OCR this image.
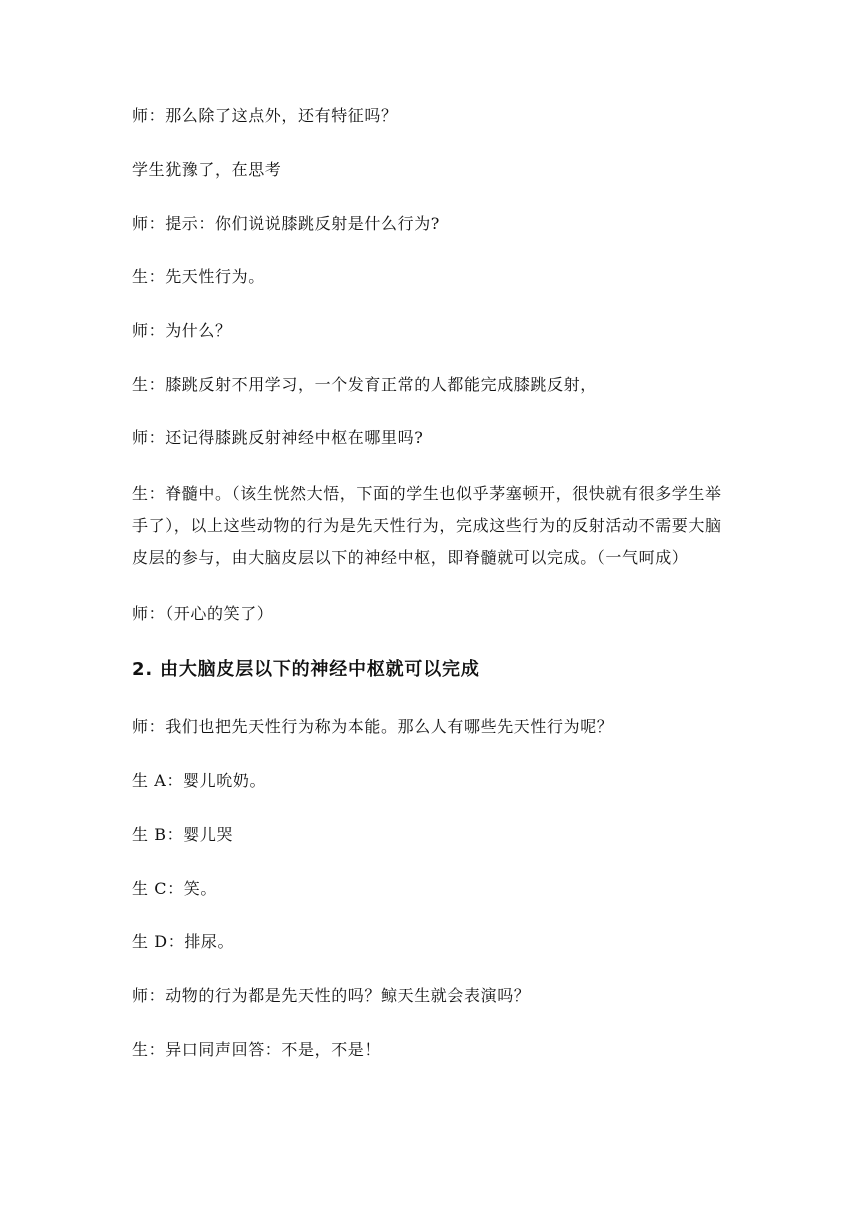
师：那么除了这点外，还有特征吗？
学生犹豫了，在思考
师：提示：你们说说膝跳反射是什么行为?
生：先天性行为。
师：为什么？
生：膝跳反射不用学习，一个发育正常的人都能完成膝跳反射，
师：还记得膝跳反射神经中枢在哪里吗?
生：脊髓中。（该生恍然大悟，下面的学生也似乎茅塞顿开，很快就有很多学生举手了），以上这些动物的行为是先天性行为，完成这些行为的反射活动不需要大脑皮层的参与，由大脑皮层以下的神经中枢，即脊髓就可以完成。（一气呵成）
师：（开心的笑了）
2. 由大脑皮层以下的神经中枢就可以完成
师：我们也把先天性行为称为本能。那么人有哪些先天性行为呢？
生 A：婴儿吮奶。
生 B：婴儿哭
生 C：笑。
生 D：排尿。
师：动物的行为都是先天性的吗？鲸天生就会表演吗？
生：异口同声回答：不是，不是！
